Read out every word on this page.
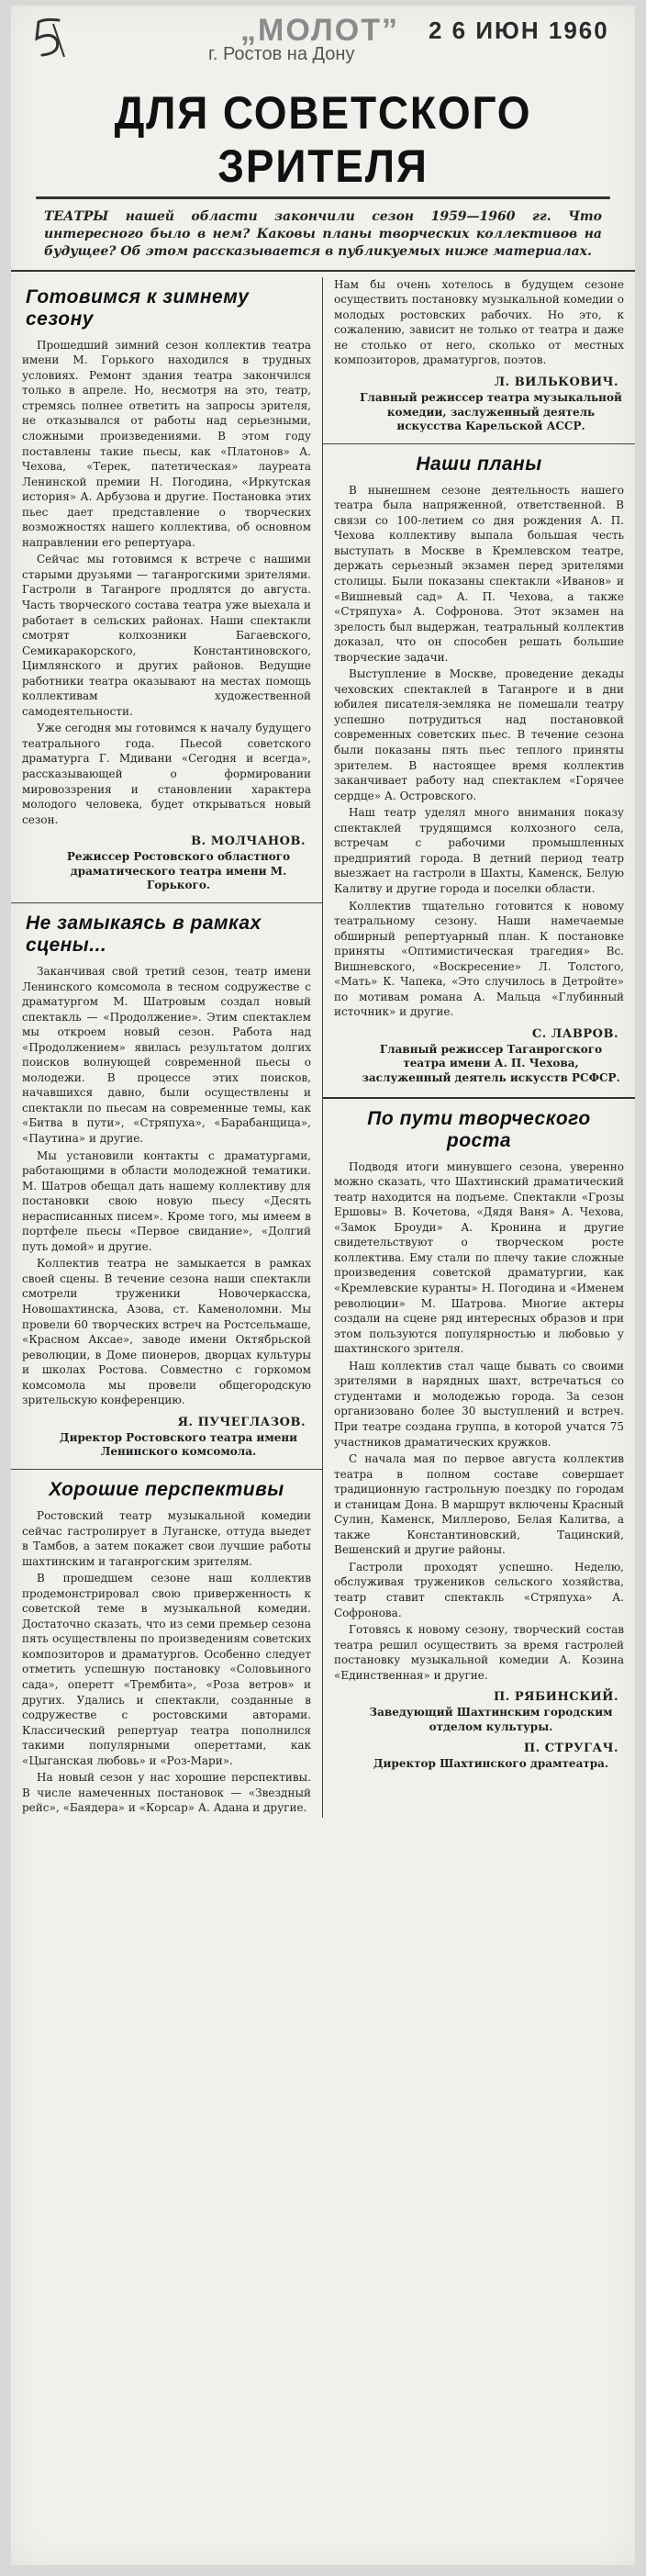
„МОЛОТ” 2 6 ИЮН 1960
г. Ростов на Дону
ДЛЯ СОВЕТСКОГО ЗРИТЕЛЯ
ТЕАТРЫ нашей области закончили сезон 1959—1960 гг. Что интересного было в нем? Каковы планы творческих коллективов на будущее? Об этом рассказывается в публикуемых ниже материалах.
Готовимся к зимнему сезону

Прошедший зимний сезон коллектив театра имени М. Горького находился в трудных условиях. Ремонт здания театра закончился только в апреле. Но, несмотря на это, театр, стремясь полнее ответить на запросы зрителя, не отказывался от работы над серьезными, сложными произведениями. В этом году поставлены такие пьесы, как «Платонов» А. Чехова, «Терек, патетическая» лауреата Ленинской премии Н. Погодина, «Иркутская история» А. Арбузова и другие. Постановка этих пьес дает представление о творческих возможностях нашего коллектива, об основном направлении его репертуара.

Сейчас мы готовимся к встрече с нашими старыми друзьями — таганрогскими зрителями. Гастроли в Таганроге продлятся до августа. Часть творческого состава театра уже выехала и работает в сельских районах. Наши спектакли смотрят колхозники Багаевского, Семикаракорского, Константиновского, Цимлянского и других районов. Ведущие работники театра оказывают на местах помощь коллективам художественной самодеятельности.

Уже сегодня мы готовимся к началу будущего театрального года. Пьесой советского драматурга Г. Мдивани «Сегодня и всегда», рассказывающей о формировании мировоззрения и становлении характера молодого человека, будет открываться новый сезон.

В. МОЛЧАНОВ.
Режиссер Ростовского областного драматического театра имени М. Горького.
Не замыкаясь в рамках сцены...

Заканчивая свой третий сезон, театр имени Ленинского комсомола в тесном содружестве с драматургом М. Шатровым создал новый спектакль — «Продолжение». Этим спектаклем мы откроем новый сезон. Работа над «Продолжением» явилась результатом долгих поисков волнующей современной пьесы о молодежи. В процессе этих поисков, начавшихся давно, были осуществлены и спектакли по пьесам на современные темы, как «Битва в пути», «Стряпуха», «Барабанщица», «Паутина» и другие.

Мы установили контакты с драматургами, работающими в области молодежной тематики. М. Шатров обещал дать нашему коллективу для постановки свою новую пьесу «Десять нерасписанных писем». Кроме того, мы имеем в портфеле пьесы «Первое свидание», «Долгий путь домой» и другие.

Коллектив театра не замыкается в рамках своей сцены. В течение сезона наши спектакли смотрели труженики Новочеркасска, Новошахтинска, Азова, ст. Каменоломни. Мы провели 60 творческих встреч на Ростсельмаше, «Красном Аксае», заводе имени Октябрьской революции, в Доме пионеров, дворцах культуры и школах Ростова. Совместно с горкомом комсомола мы провели общегородскую зрительскую конференцию.

Я. ПУЧЕГЛАЗОВ.
Директор Ростовского театра имени Ленинского комсомола.
Хорошие перспективы

Ростовский театр музыкальной комедии сейчас гастролирует в Луганске, оттуда выедет в Тамбов, а затем покажет свои лучшие работы шахтинским и таганрогским зрителям.

В прошедшем сезоне наш коллектив продемонстрировал свою приверженность к советской теме в музыкальной комедии. Достаточно сказать, что из семи премьер сезона пять осуществлены по произведениям советских композиторов и драматургов. Особенно следует отметить успешную постановку «Соловьиного сада», оперетт «Трембита», «Роза ветров» и других. Удались и спектакли, созданные в содружестве с ростовскими авторами. Классический репертуар театра пополнился такими популярными опереттами, как «Цыганская любовь» и «Роз-Мари».

На новый сезон у нас хорошие перспективы. В числе намеченных постановок — «Звездный рейс», «Баядера» и «Корсар» А. Адана и другие.

Нам бы очень хотелось в будущем сезоне осуществить постановку музыкальной комедии о молодых ростовских рабочих. Но это, к сожалению, зависит не только от театра и даже не столько от него, сколько от местных композиторов, драматургов, поэтов.

Л. ВИЛЬКОВИЧ.
Главный режиссер театра музыкальной комедии, заслуженный деятель искусства Карельской АССР.
Наши планы

В нынешнем сезоне деятельность нашего театра была напряженной, ответственной. В связи со 100-летием со дня рождения А. П. Чехова коллективу выпала большая честь выступать в Москве в Кремлевском театре, держать серьезный экзамен перед зрителями столицы. Были показаны спектакли «Иванов» и «Вишневый сад» А. П. Чехова, а также «Стряпуха» А. Софронова. Этот экзамен на зрелость был выдержан, театральный коллектив доказал, что он способен решать большие творческие задачи.

Выступление в Москве, проведение декады чеховских спектаклей в Таганроге и в дни юбилея писателя-земляка не помешали театру успешно потрудиться над постановкой современных советских пьес. В течение сезона были показаны пять пьес теплого приняты зрителем. В настоящее время коллектив заканчивает работу над спектаклем «Горячее сердце» А. Островского.

Наш театр уделял много внимания показу спектаклей трудящимся колхозного села, встречам с рабочими промышленных предприятий города. В детний период театр выезжает на гастроли в Шахты, Каменск, Белую Калитву и другие города и поселки области.

Коллектив тщательно готовится к новому театральному сезону. Наши намечаемые обширный репертуарный план. К постановке приняты «Оптимистическая трагедия» Вс. Вишневского, «Воскресение» Л. Толстого, «Мать» К. Чапека, «Это случилось в Детройте» по мотивам романа А. Мальца «Глубинный источник» и другие.

С. ЛАВРОВ.
Главный режиссер Таганрогского театра имени А. П. Чехова, заслуженный деятель искусств РСФСР.
По пути творческого роста

Подводя итоги минувшего сезона, уверенно можно сказать, что Шахтинский драматический театр находится на подъеме. Спектакли «Грозы Ершовы» В. Кочетова, «Дядя Ваня» А. Чехова, «Замок Броуди» А. Кронина и другие свидетельствуют о творческом росте коллектива. Ему стали по плечу такие сложные произведения советской драматургии, как «Кремлевские куранты» Н. Погодина и «Именем революции» М. Шатрова. Многие актеры создали на сцене ряд интересных образов и при этом пользуются популярностью и любовью у шахтинского зрителя.

Наш коллектив стал чаще бывать со своими зрителями в нарядных шахт, встречаться со студентами и молодежью города. За сезон организовано более 30 выступлений и встреч. При театре создана группа, в которой учатся 75 участников драматических кружков.

С начала мая по первое августа коллектив театра в полном составе совершает традиционную гастрольную поездку по городам и станицам Дона. В маршрут включены Красный Сулин, Каменск, Миллерово, Белая Калитва, а также Константиновский, Тацинский, Вешенский и другие районы.

Гастроли проходят успешно. Неделю, обслуживая тружеников сельского хозяйства, театр ставит спектакль «Стряпуха» А. Софронова.

Готовясь к новому сезону, творческий состав театра решил осуществить за время гастролей постановку музыкальной комедии А. Козина «Единственная» и другие.

П. РЯБИНСКИЙ.
Заведующий Шахтинским городским отделом культуры.
П. СТРУГАЧ.
Директор Шахтинского драмтеатра.
